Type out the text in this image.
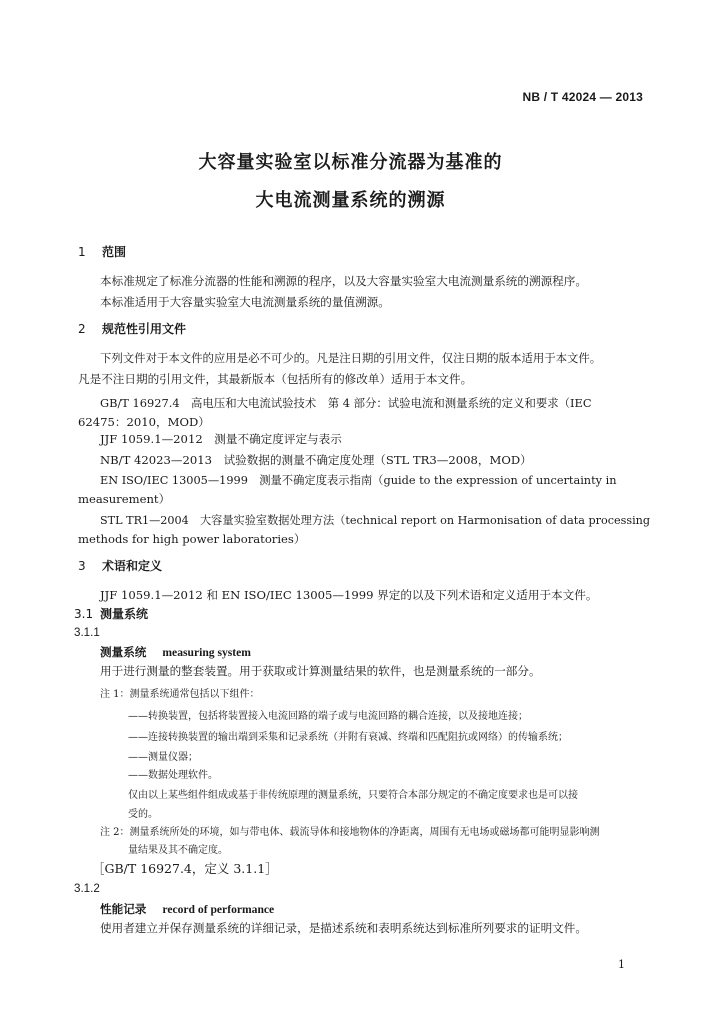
NB / T 42024 — 2013
大容量实验室以标准分流器为基准的
大电流测量系统的溯源
1 范围
本标准规定了标准分流器的性能和溯源的程序，以及大容量实验室大电流测量系统的溯源程序。
本标准适用于大容量实验室大电流测量系统的量值溯源。
2 规范性引用文件
下列文件对于本文件的应用是必不可少的。凡是注日期的引用文件，仅注日期的版本适用于本文件。
凡是不注日期的引用文件，其最新版本（包括所有的修改单）适用于本文件。
GB/T 16927.4　高电压和大电流试验技术　第 4 部分：试验电流和测量系统的定义和要求（IEC
62475：2010，MOD）
JJF 1059.1—2012　测量不确定度评定与表示
NB/T 42023—2013　试验数据的测量不确定度处理（STL TR3—2008，MOD）
EN ISO/IEC 13005—1999　测量不确定度表示指南（guide to the expression of uncertainty in
measurement）
STL TR1—2004　大容量实验室数据处理方法（technical report on Harmonisation of data processing
methods for high power laboratories）
3 术语和定义
JJF 1059.1—2012 和 EN ISO/IEC 13005—1999 界定的以及下列术语和定义适用于本文件。
3.1 测量系统
3.1.1
测量系统 measuring system
用于进行测量的整套装置。用于获取或计算测量结果的软件，也是测量系统的一部分。
注 1：测量系统通常包括以下组件：
——转换装置，包括将装置接入电流回路的端子或与电流回路的耦合连接，以及接地连接；
——连接转换装置的输出端到采集和记录系统（并附有衰减、终端和匹配阻抗或网络）的传输系统；
——测量仪器；
——数据处理软件。
仅由以上某些组件组成或基于非传统原理的测量系统，只要符合本部分规定的不确定度要求也是可以接
受的。
注 2：测量系统所处的环境，如与带电体、载流导体和接地物体的净距离，周围有无电场或磁场都可能明显影响测
量结果及其不确定度。
［GB/T 16927.4，定义 3.1.1］
3.1.2
性能记录 record of performance
使用者建立并保存测量系统的详细记录，是描述系统和表明系统达到标准所列要求的证明文件。
1
